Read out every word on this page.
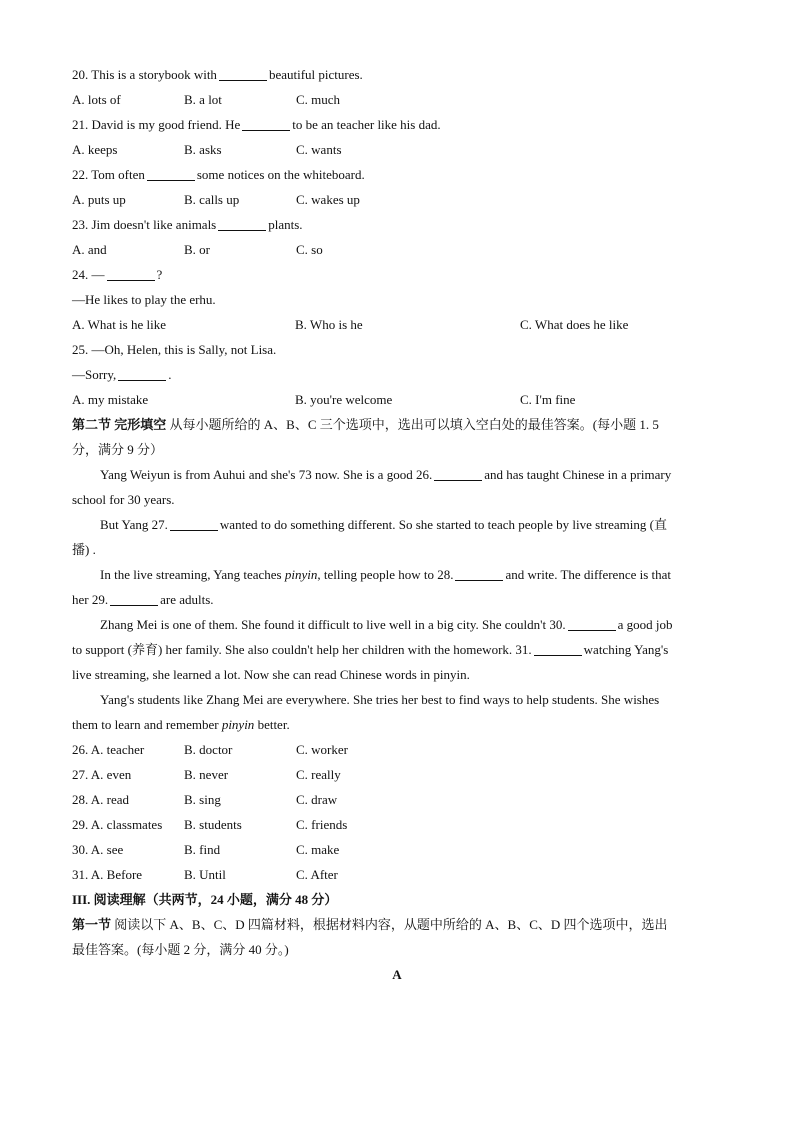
20. This is a storybook with	beautiful pictures.
A. lots of	B. a lot	C. much
21. David is my good friend. He	to be an teacher like his dad.
A. keeps	B. asks	C. wants
22. Tom often	some notices on the whiteboard.
A. puts up	B. calls up	C. wakes up
23. Jim doesn't like animals	plants.
A. and	B. or	C. so
24. —	?
—He likes to play the erhu.
A. What is he like	B. Who is he	C. What does he like
25. —Oh, Helen, this is Sally, not Lisa.
—Sorry,	.
A. my mistake	B. you're welcome	C. I'm fine
第二节 完形填空 从每小题所给的 A、B、C 三个选项中，选出可以填入空白处的最佳答案。(每小题 1. 5
分，满分 9 分）
Yang Weiyun is from Auhui and she's 73 now. She is a good 26.	and has taught Chinese in a primary
school for 30 years.
But Yang 27.	wanted to do something different. So she started to teach people by live streaming (直
播) .
In the live streaming, Yang teaches pinyin, telling people how to 28.	and write. The difference is that
her 29.	are adults.
Zhang Mei is one of them. She found it difficult to live well in a big city. She couldn't 30.	a good job
to support (养育) her family. She also couldn't help her children with the homework. 31.	watching Yang's
live streaming, she learned a lot. Now she can read Chinese words in pinyin.
Yang's students like Zhang Mei are everywhere. She tries her best to find ways to help students. She wishes
them to learn and remember pinyin better.
26. A. teacher	B. doctor	C. worker
27. A. even	B. never	C. really
28. A. read	B. sing	C. draw
29. A. classmates B. students	C. friends
30. A. see	B. find	C. make
31. A. Before	B. Until	C. After
III. 阅读理解（共两节，24 小题，满分 48 分）
第一节 阅读以下 A、B、C、D 四篇材料，根据材料内容，从题中所给的 A、B、C、D 四个选项中，选出
最佳答案。(每小题 2 分，满分 40 分。)
A
